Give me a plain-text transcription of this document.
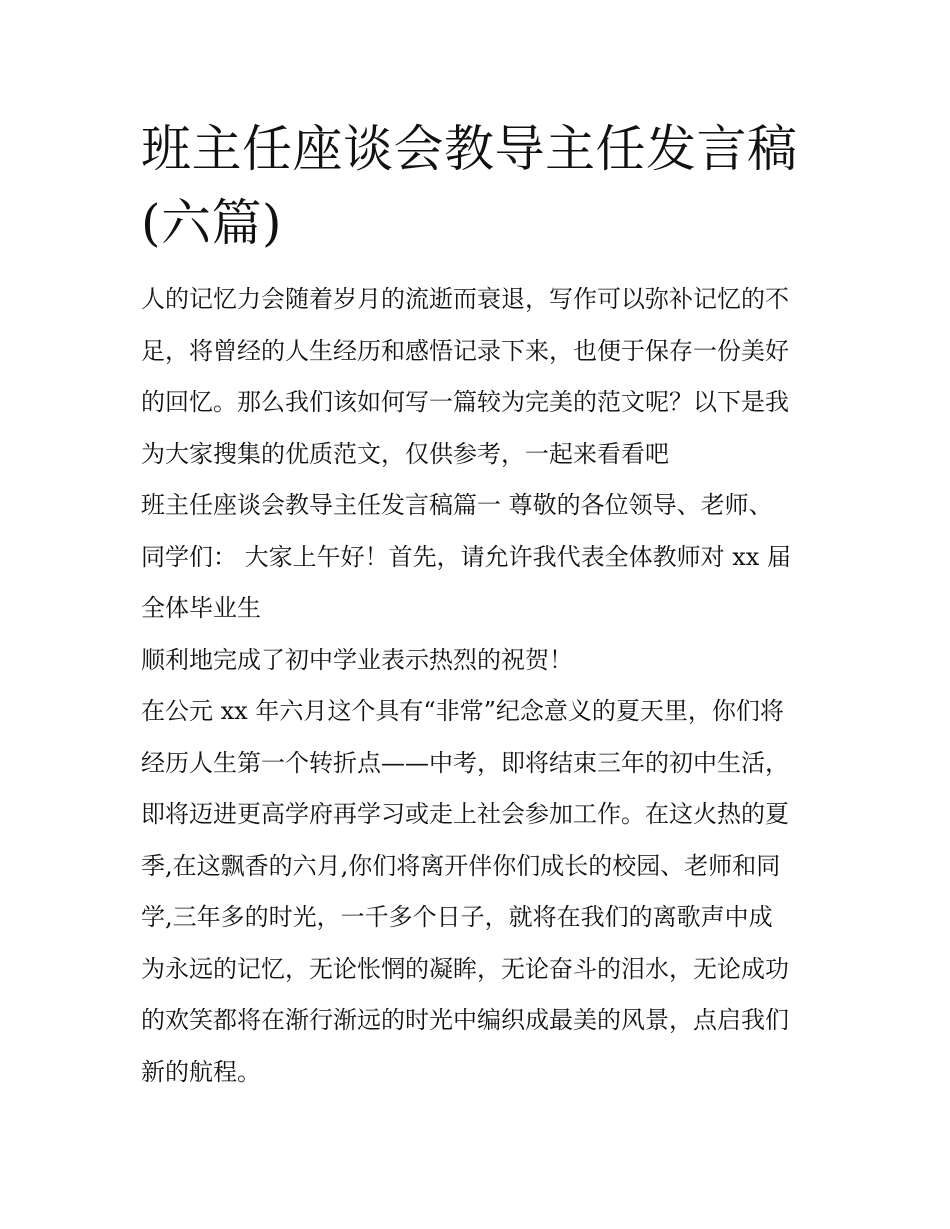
班主任座谈会教导主任发言稿
(六篇)

人的记忆力会随着岁月的流逝而衰退，写作可以弥补记忆的不
足，将曾经的人生经历和感悟记录下来，也便于保存一份美好
的回忆。那么我们该如何写一篇较为完美的范文呢？以下是我
为大家搜集的优质范文，仅供参考，一起来看看吧

班主任座谈会教导主任发言稿篇一 尊敬的各位领导、老师、
同学们： 大家上午好！首先，请允许我代表全体教师对 xx 届
全体毕业生

顺利地完成了初中学业表示热烈的祝贺！

在公元 xx 年六月这个具有“非常”纪念意义的夏天里，你们将
经历人生第一个转折点——中考，即将结束三年的初中生活，
即将迈进更高学府再学习或走上社会参加工作。在这火热的夏
季,在这飘香的六月,你们将离开伴你们成长的校园、老师和同
学,三年多的时光，一千多个日子，就将在我们的离歌声中成
为永远的记忆，无论怅惘的凝眸，无论奋斗的泪水，无论成功
的欢笑都将在渐行渐远的时光中编织成最美的风景，点启我们
新的航程。
